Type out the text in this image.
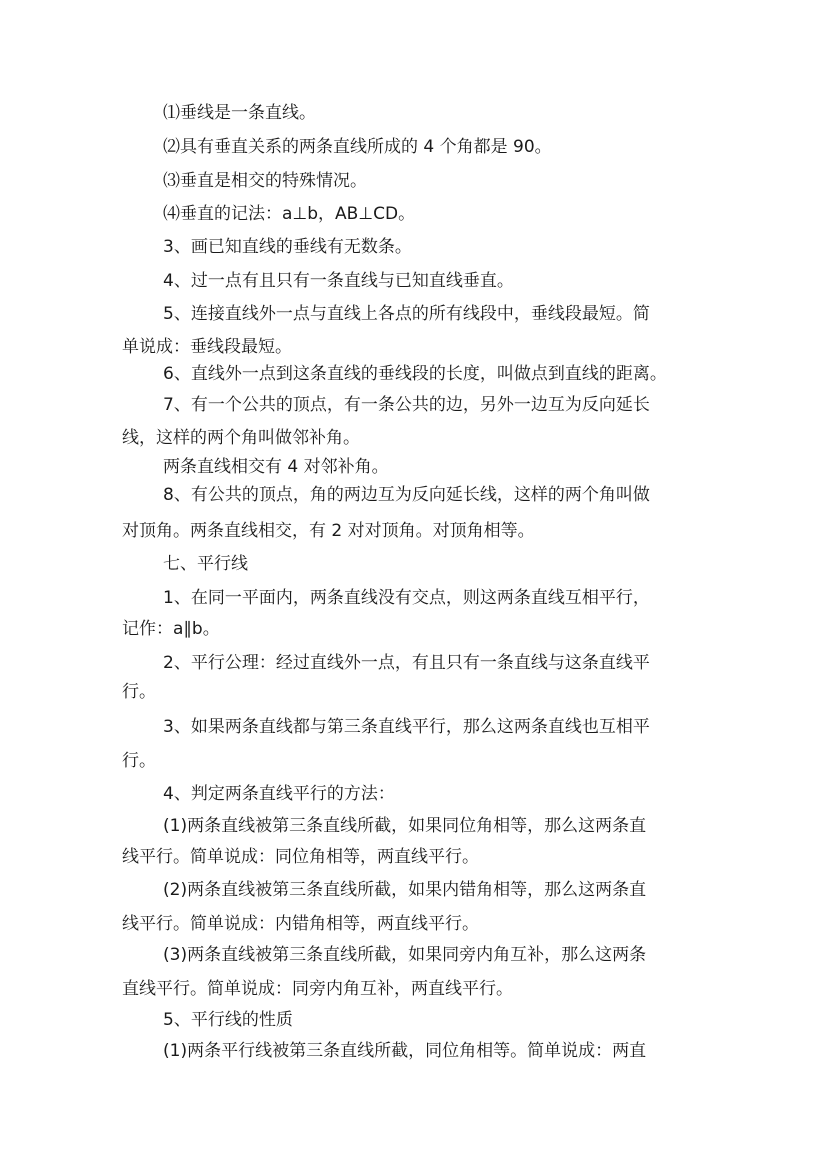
⑴垂线是一条直线。
⑵具有垂直关系的两条直线所成的 4 个角都是 90。
⑶垂直是相交的特殊情况。
⑷垂直的记法：a⊥b，AB⊥CD。
3、画已知直线的垂线有无数条。
4、过一点有且只有一条直线与已知直线垂直。
5、连接直线外一点与直线上各点的所有线段中，垂线段最短。简
单说成：垂线段最短。
6、直线外一点到这条直线的垂线段的长度，叫做点到直线的距离。
7、有一个公共的顶点，有一条公共的边，另外一边互为反向延长
线，这样的两个角叫做邻补角。
两条直线相交有 4 对邻补角。
8、有公共的顶点，角的两边互为反向延长线，这样的两个角叫做
对顶角。两条直线相交，有 2 对对顶角。对顶角相等。
七、平行线
1、在同一平面内，两条直线没有交点，则这两条直线互相平行，
记作：a∥b。
2、平行公理：经过直线外一点，有且只有一条直线与这条直线平
行。
3、如果两条直线都与第三条直线平行，那么这两条直线也互相平
行。
4、判定两条直线平行的方法：
(1)两条直线被第三条直线所截，如果同位角相等，那么这两条直
线平行。简单说成：同位角相等，两直线平行。
(2)两条直线被第三条直线所截，如果内错角相等，那么这两条直
线平行。简单说成：内错角相等，两直线平行。
(3)两条直线被第三条直线所截，如果同旁内角互补，那么这两条
直线平行。简单说成：同旁内角互补，两直线平行。
5、平行线的性质
(1)两条平行线被第三条直线所截，同位角相等。简单说成：两直
